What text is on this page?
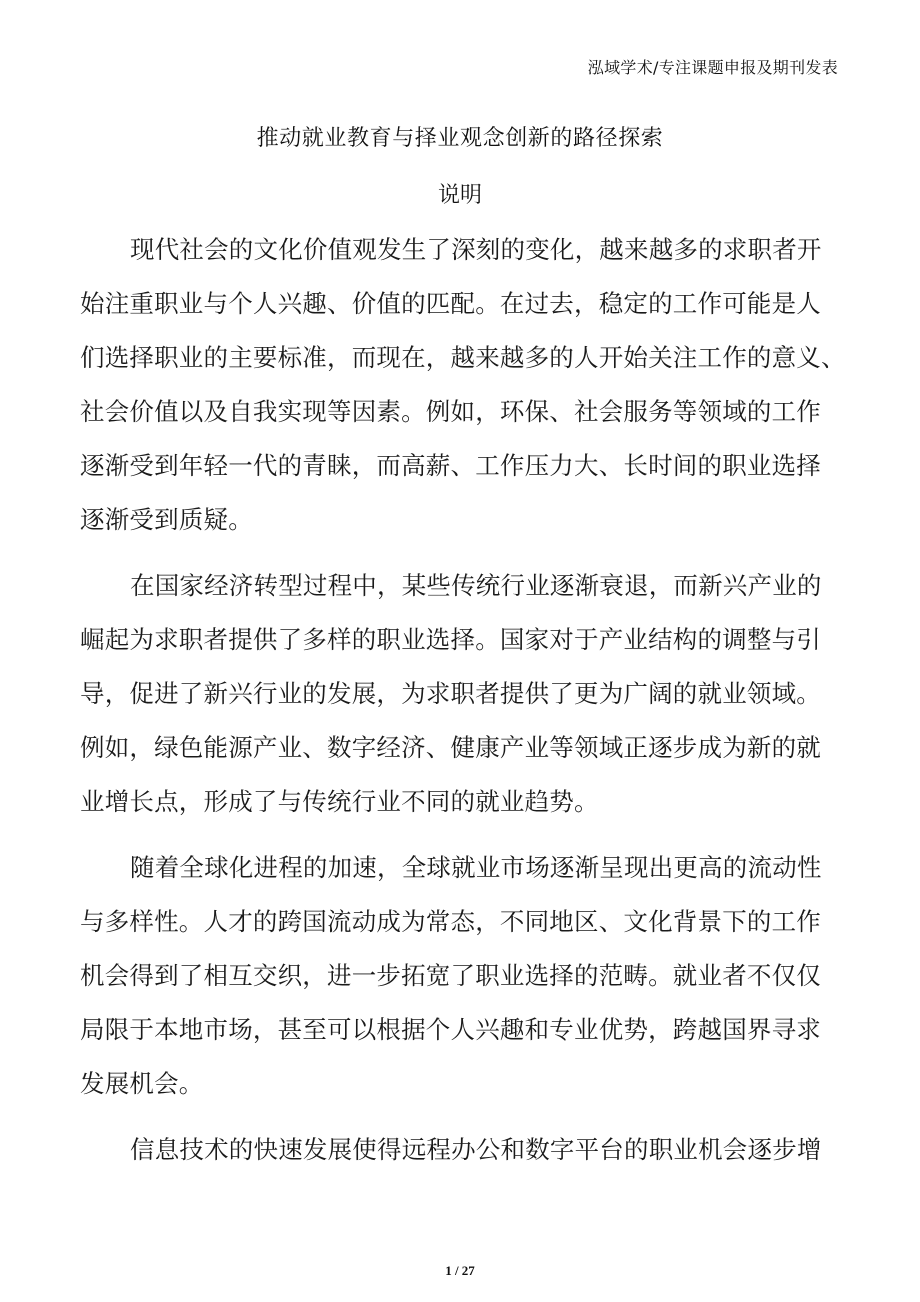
泓域学术/专注课题申报及期刊发表
推动就业教育与择业观念创新的路径探索
说明
现代社会的文化价值观发生了深刻的变化，越来越多的求职者开
始注重职业与个人兴趣、价值的匹配。在过去，稳定的工作可能是人
们选择职业的主要标准，而现在，越来越多的人开始关注工作的意义、
社会价值以及自我实现等因素。例如，环保、社会服务等领域的工作
逐渐受到年轻一代的青睐，而高薪、工作压力大、长时间的职业选择
逐渐受到质疑。
在国家经济转型过程中，某些传统行业逐渐衰退，而新兴产业的
崛起为求职者提供了多样的职业选择。国家对于产业结构的调整与引
导，促进了新兴行业的发展，为求职者提供了更为广阔的就业领域。
例如，绿色能源产业、数字经济、健康产业等领域正逐步成为新的就
业增长点，形成了与传统行业不同的就业趋势。
随着全球化进程的加速，全球就业市场逐渐呈现出更高的流动性
与多样性。人才的跨国流动成为常态，不同地区、文化背景下的工作
机会得到了相互交织，进一步拓宽了职业选择的范畴。就业者不仅仅
局限于本地市场，甚至可以根据个人兴趣和专业优势，跨越国界寻求
发展机会。
信息技术的快速发展使得远程办公和数字平台的职业机会逐步增
1 / 27
